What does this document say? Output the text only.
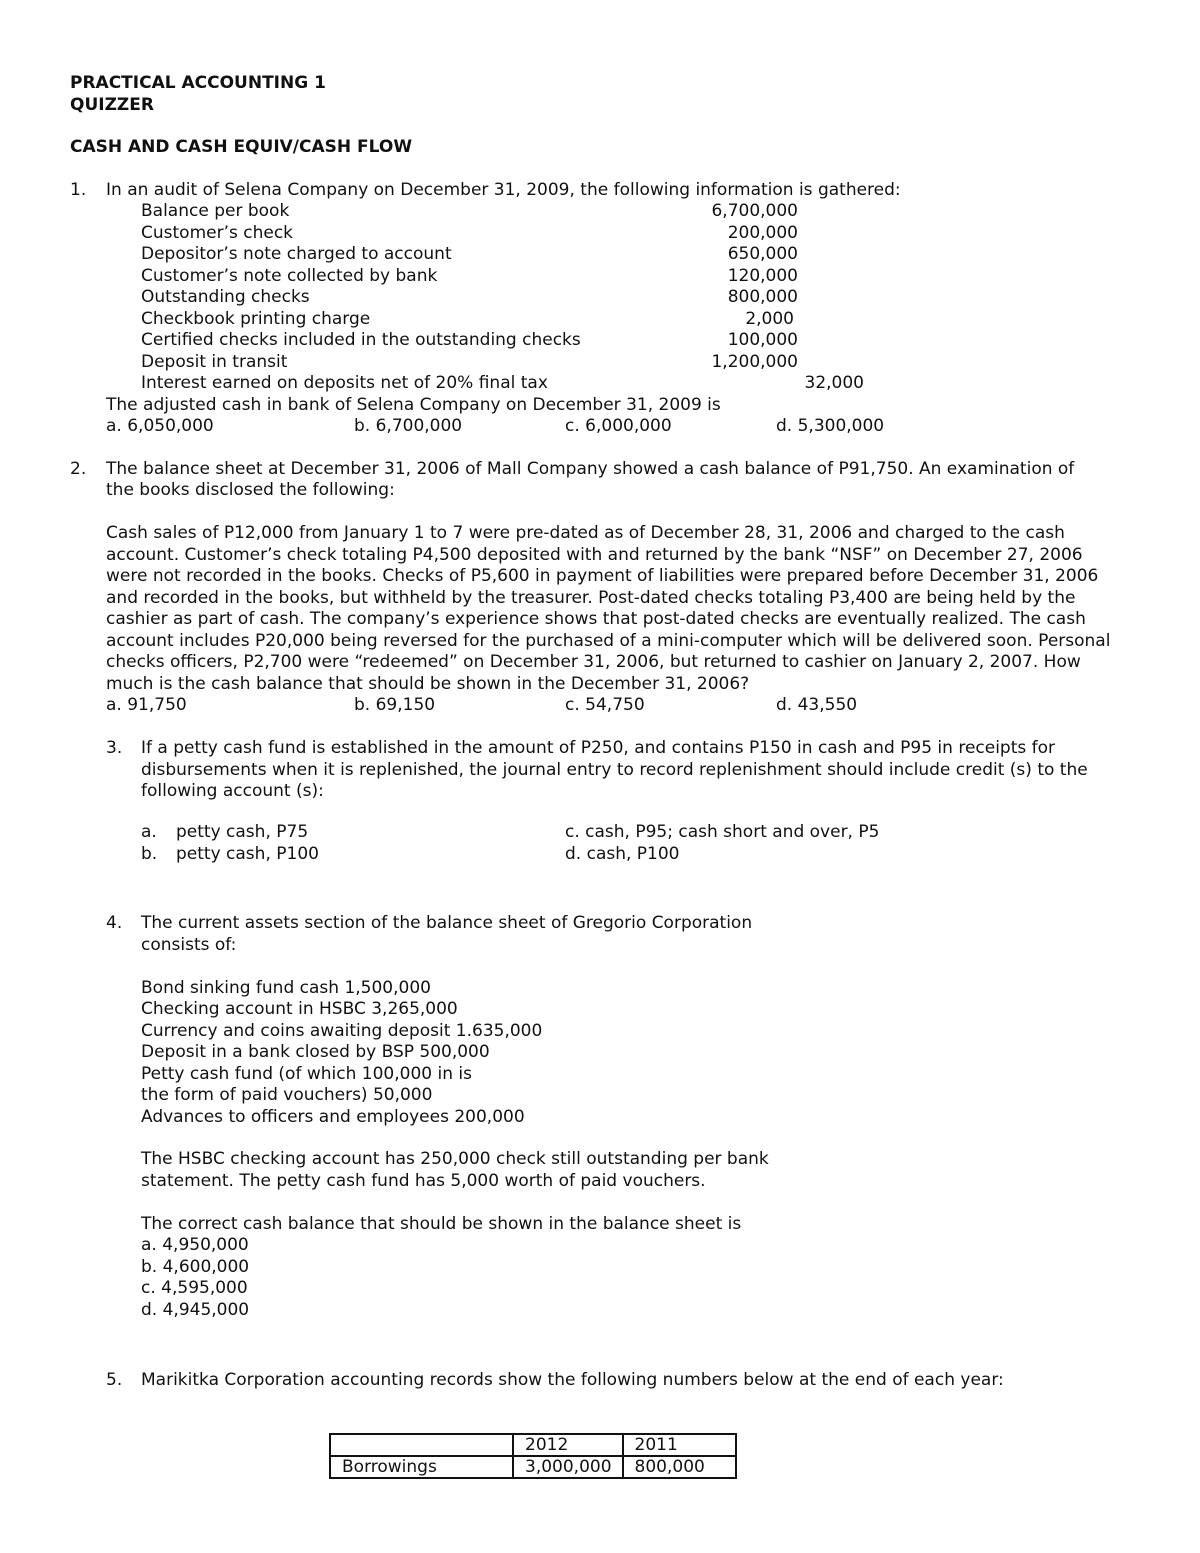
PRACTICAL ACCOUNTING 1
QUIZZER
CASH AND CASH EQUIV/CASH FLOW
1. In an audit of Selena Company on December 31, 2009, the following information is gathered:
Balance per book	6,700,000
Customer’s check	200,000
Depositor’s note charged to account	650,000
Customer’s note collected by bank	120,000
Outstanding checks	800,000
Checkbook printing charge	2,000
Certified checks included in the outstanding checks	100,000
Deposit in transit	1,200,000
Interest earned on deposits net of 20% final tax	32,000
The adjusted cash in bank of Selena Company on December 31, 2009 is
a. 6,050,000	b. 6,700,000	c. 6,000,000	d. 5,300,000
2. The balance sheet at December 31, 2006 of Mall Company showed a cash balance of P91,750. An examination of
the books disclosed the following:
Cash sales of P12,000 from January 1 to 7 were pre-dated as of December 28, 31, 2006 and charged to the cash
account. Customer’s check totaling P4,500 deposited with and returned by the bank “NSF” on December 27, 2006
were not recorded in the books. Checks of P5,600 in payment of liabilities were prepared before December 31, 2006
and recorded in the books, but withheld by the treasurer. Post-dated checks totaling P3,400 are being held by the
cashier as part of cash. The company’s experience shows that post-dated checks are eventually realized. The cash
account includes P20,000 being reversed for the purchased of a mini-computer which will be delivered soon. Personal
checks officers, P2,700 were “redeemed” on December 31, 2006, but returned to cashier on January 2, 2007. How
much is the cash balance that should be shown in the December 31, 2006?
a. 91,750	b. 69,150	c. 54,750	d. 43,550
3. If a petty cash fund is established in the amount of P250, and contains P150 in cash and P95 in receipts for
disbursements when it is replenished, the journal entry to record replenishment should include credit (s) to the
following account (s):
a. petty cash, P75
b. petty cash, P100
c. cash, P95; cash short and over, P5
d. cash, P100
4. The current assets section of the balance sheet of Gregorio Corporation
consists of:
Bond sinking fund cash 1,500,000
Checking account in HSBC 3,265,000
Currency and coins awaiting deposit 1.635,000
Deposit in a bank closed by BSP 500,000
Petty cash fund (of which 100,000 in is
the form of paid vouchers) 50,000
Advances to officers and employees 200,000
The HSBC checking account has 250,000 check still outstanding per bank
statement. The petty cash fund has 5,000 worth of paid vouchers.
The correct cash balance that should be shown in the balance sheet is
a. 4,950,000
b. 4,600,000
c. 4,595,000
d. 4,945,000
5. Marikitka Corporation accounting records show the following numbers below at the end of each year:
	2012	2011
Borrowings	3,000,000	800,000
